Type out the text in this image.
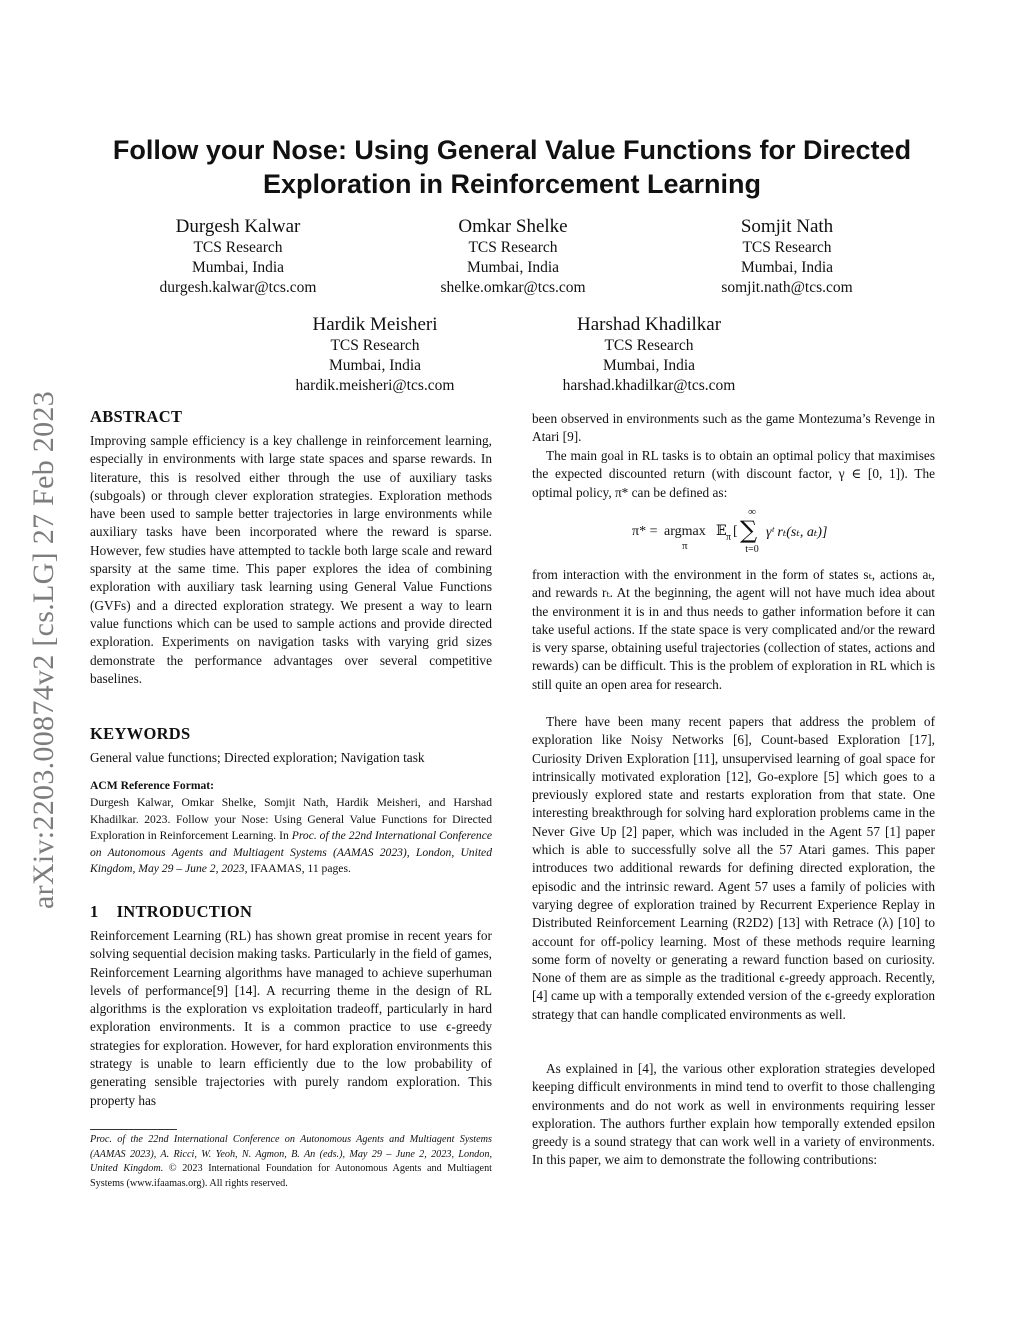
arXiv:2203.00874v2 [cs.LG] 27 Feb 2023
Follow your Nose: Using General Value Functions for Directed
Exploration in Reinforcement Learning
Durgesh Kalwar
TCS Research
Mumbai, India
durgesh.kalwar@tcs.com
Omkar Shelke
TCS Research
Mumbai, India
shelke.omkar@tcs.com
Somjit Nath
TCS Research
Mumbai, India
somjit.nath@tcs.com
Hardik Meisheri
TCS Research
Mumbai, India
hardik.meisheri@tcs.com
Harshad Khadilkar
TCS Research
Mumbai, India
harshad.khadilkar@tcs.com
ABSTRACT
Improving sample efficiency is a key challenge in reinforcement learning, especially in environments with large state spaces and sparse rewards. In literature, this is resolved either through the use of auxiliary tasks (subgoals) or through clever exploration strategies. Exploration methods have been used to sample better trajectories in large environments while auxiliary tasks have been incorporated where the reward is sparse. However, few studies have attempted to tackle both large scale and reward sparsity at the same time. This paper explores the idea of combining exploration with auxiliary task learning using General Value Functions (GVFs) and a directed exploration strategy. We present a way to learn value functions which can be used to sample actions and provide directed exploration. Experiments on navigation tasks with varying grid sizes demonstrate the performance advantages over several competitive baselines.
KEYWORDS
General value functions; Directed exploration; Navigation task
ACM Reference Format:
Durgesh Kalwar, Omkar Shelke, Somjit Nath, Hardik Meisheri, and Harshad Khadilkar. 2023. Follow your Nose: Using General Value Functions for Directed Exploration in Reinforcement Learning. In Proc. of the 22nd International Conference on Autonomous Agents and Multiagent Systems (AAMAS 2023), London, United Kingdom, May 29 – June 2, 2023, IFAAMAS, 11 pages.
1 INTRODUCTION
Reinforcement Learning (RL) has shown great promise in recent years for solving sequential decision making tasks. Particularly in the field of games, Reinforcement Learning algorithms have managed to achieve superhuman levels of performance[9] [14]. A recurring theme in the design of RL algorithms is the exploration vs exploitation tradeoff, particularly in hard exploration environments. It is a common practice to use ϵ-greedy strategies for exploration. However, for hard exploration environments this strategy is unable to learn efficiently due to the low probability of generating sensible trajectories with purely random exploration. This property has
Proc. of the 22nd International Conference on Autonomous Agents and Multiagent Systems (AAMAS 2023), A. Ricci, W. Yeoh, N. Agmon, B. An (eds.), May 29 – June 2, 2023, London, United Kingdom. © 2023 International Foundation for Autonomous Agents and Multiagent Systems (www.ifaamas.org). All rights reserved.
been observed in environments such as the game Montezuma’s Revenge in Atari [9].
The main goal in RL tasks is to obtain an optimal policy that maximises the expected discounted return (with discount factor, γ ∈ [0, 1]). The optimal policy, π* can be defined as:
π* = argmax
π
𝔼 π [
∞
∑
t=0
γᵗ rₜ(sₜ, aₜ)]
from interaction with the environment in the form of states sₜ, actions aₜ, and rewards rₜ. At the beginning, the agent will not have much idea about the environment it is in and thus needs to gather information before it can take useful actions. If the state space is very complicated and/or the reward is very sparse, obtaining useful trajectories (collection of states, actions and rewards) can be difficult. This is the problem of exploration in RL which is still quite an open area for research.
There have been many recent papers that address the problem of exploration like Noisy Networks [6], Count-based Exploration [17], Curiosity Driven Exploration [11], unsupervised learning of goal space for intrinsically motivated exploration [12], Go-explore [5] which goes to a previously explored state and restarts exploration from that state. One interesting breakthrough for solving hard exploration problems came in the Never Give Up [2] paper, which was included in the Agent 57 [1] paper which is able to successfully solve all the 57 Atari games. This paper introduces two additional rewards for defining directed exploration, the episodic and the intrinsic reward. Agent 57 uses a family of policies with varying degree of exploration trained by Recurrent Experience Replay in Distributed Reinforcement Learning (R2D2) [13] with Retrace (λ) [10] to account for off-policy learning. Most of these methods require learning some form of novelty or generating a reward function based on curiosity. None of them are as simple as the traditional ϵ-greedy approach. Recently, [4] came up with a temporally extended version of the ϵ-greedy exploration strategy that can handle complicated environments as well.
As explained in [4], the various other exploration strategies developed keeping difficult environments in mind tend to overfit to those challenging environments and do not work as well in environments requiring lesser exploration. The authors further explain how temporally extended epsilon greedy is a sound strategy that can work well in a variety of environments. In this paper, we aim to demonstrate the following contributions:
